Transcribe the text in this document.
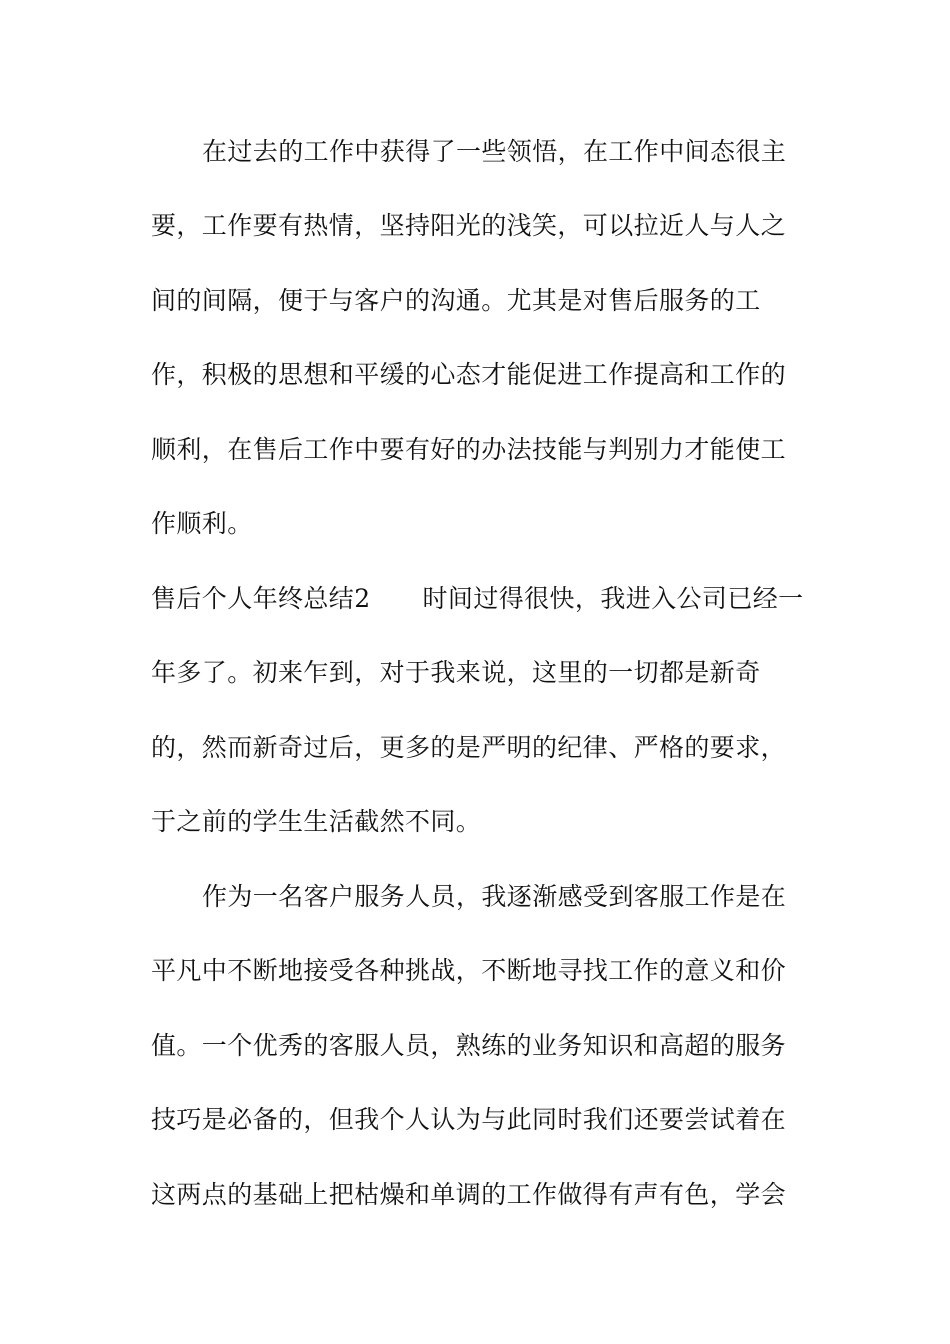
在过去的工作中获得了一些领悟，在工作中间态很主
要，工作要有热情，坚持阳光的浅笑，可以拉近人与人之
间的间隔，便于与客户的沟通。尤其是对售后服务的工
作，积极的思想和平缓的心态才能促进工作提高和工作的
顺利，在售后工作中要有好的办法技能与判别力才能使工
作顺利。
售后个人年终总结2 时间过得很快，我进入公司已经一
年多了。初来乍到，对于我来说，这里的一切都是新奇
的，然而新奇过后，更多的是严明的纪律、严格的要求，
于之前的学生生活截然不同。
作为一名客户服务人员，我逐渐感受到客服工作是在
平凡中不断地接受各种挑战，不断地寻找工作的意义和价
值。一个优秀的客服人员，熟练的业务知识和高超的服务
技巧是必备的，但我个人认为与此同时我们还要尝试着在
这两点的基础上把枯燥和单调的工作做得有声有色，学会
